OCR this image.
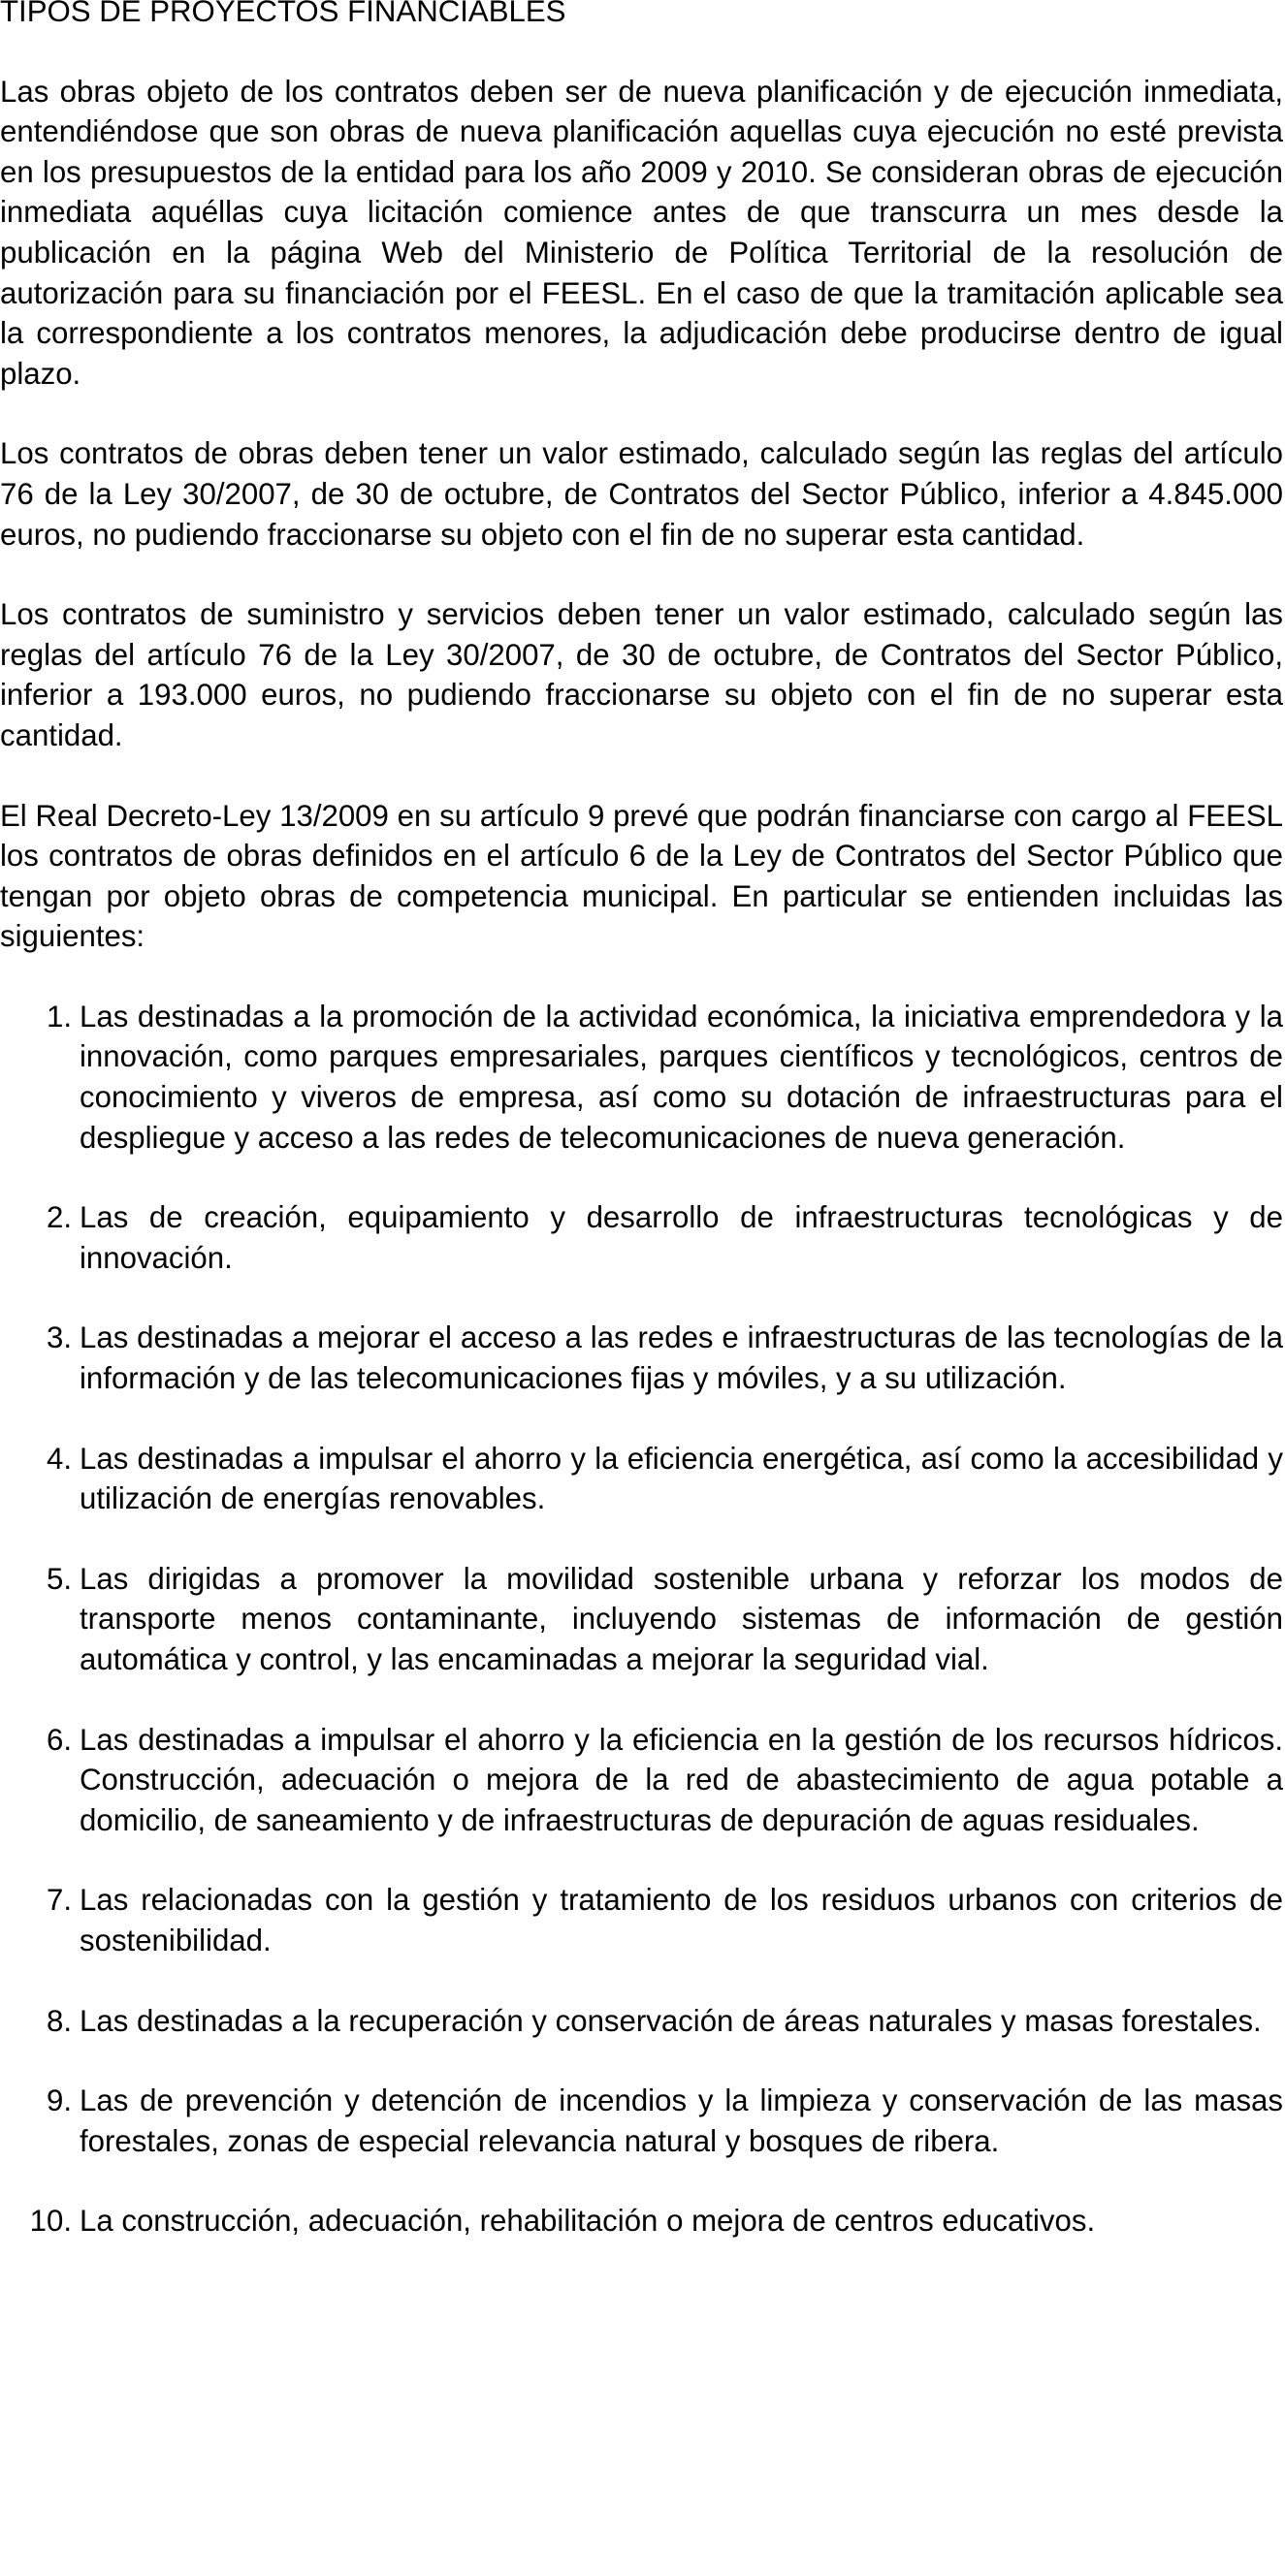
TIPOS DE PROYECTOS FINANCIABLES

Las obras objeto de los contratos deben ser de nueva planificación y de ejecución inmediata, entendiéndose que son obras de nueva planificación aquellas cuya ejecución no esté prevista en los presupuestos de la entidad para los año 2009 y 2010. Se consideran obras de ejecución inmediata aquéllas cuya licitación comience antes de que transcurra un mes desde la publicación en la página Web del Ministerio de Política Territorial de la resolución de autorización para su financiación por el FEESL. En el caso de que la tramitación aplicable sea la correspondiente a los contratos menores, la adjudicación debe producirse dentro de igual plazo.

Los contratos de obras deben tener un valor estimado, calculado según las reglas del artículo 76 de la Ley 30/2007, de 30 de octubre, de Contratos del Sector Público, inferior a 4.845.000 euros, no pudiendo fraccionarse su objeto con el fin de no superar esta cantidad.

Los contratos de suministro y servicios deben tener un valor estimado, calculado según las reglas del artículo 76 de la Ley 30/2007, de 30 de octubre, de Contratos del Sector Público, inferior a 193.000 euros, no pudiendo fraccionarse su objeto con el fin de no superar esta cantidad.

El Real Decreto-Ley 13/2009 en su artículo 9 prevé que podrán financiarse con cargo al FEESL los contratos de obras definidos en el artículo 6 de la Ley de Contratos del Sector Público que tengan por objeto obras de competencia municipal. En particular se entienden incluidas las siguientes:

1. Las destinadas a la promoción de la actividad económica, la iniciativa emprendedora y la innovación, como parques empresariales, parques científicos y tecnológicos, centros de conocimiento y viveros de empresa, así como su dotación de infraestructuras para el despliegue y acceso a las redes de telecomunicaciones de nueva generación.
2. Las de creación, equipamiento y desarrollo de infraestructuras tecnológicas y de innovación.
3. Las destinadas a mejorar el acceso a las redes e infraestructuras de las tecnologías de la información y de las telecomunicaciones fijas y móviles, y a su utilización.
4. Las destinadas a impulsar el ahorro y la eficiencia energética, así como la accesibilidad y utilización de energías renovables.
5. Las dirigidas a promover la movilidad sostenible urbana y reforzar los modos de transporte menos contaminante, incluyendo sistemas de información de gestión automática y control, y las encaminadas a mejorar la seguridad vial.
6. Las destinadas a impulsar el ahorro y la eficiencia en la gestión de los recursos hídricos. Construcción, adecuación o mejora de la red de abastecimiento de agua potable a domicilio, de saneamiento y de infraestructuras de depuración de aguas residuales.
7. Las relacionadas con la gestión y tratamiento de los residuos urbanos con criterios de sostenibilidad.
8. Las destinadas a la recuperación y conservación de áreas naturales y masas forestales.
9. Las de prevención y detención de incendios y la limpieza y conservación de las masas forestales, zonas de especial relevancia natural y bosques de ribera.
10. La construcción, adecuación, rehabilitación o mejora de centros educativos.
